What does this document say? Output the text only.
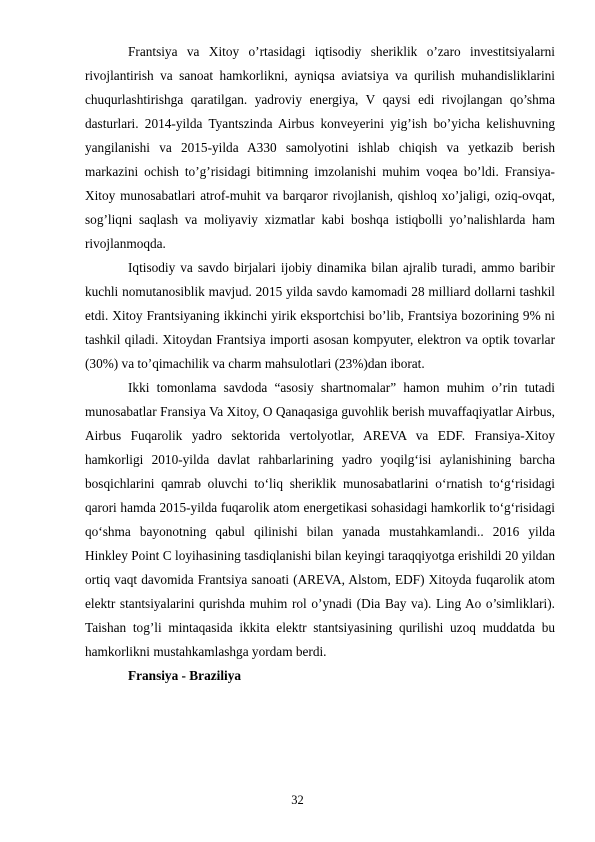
Frantsiya va Xitoy o’rtasidagi iqtisodiy sheriklik o’zaro investitsiyalarni rivojlantirish va sanoat hamkorlikni, ayniqsa aviatsiya va qurilish muhandisliklarini chuqurlashtirishga qaratilgan. yadroviy energiya, V qaysi edi rivojlangan qo’shma dasturlari. 2014-yilda Tyantszinda Airbus konveyerini yig’ish bo’yicha kelishuvning yangilanishi va 2015-yilda A330 samolyotini ishlab chiqish va yetkazib berish markazini ochish to’g’risidagi bitimning imzolanishi muhim voqea bo’ldi. Fransiya-Xitoy munosabatlari atrof-muhit va barqaror rivojlanish, qishloq xo’jaligi, oziq-ovqat, sog’liqni saqlash va moliyaviy xizmatlar kabi boshqa istiqbolli yo’nalishlarda ham rivojlanmoqda.

Iqtisodiy va savdo birjalari ijobiy dinamika bilan ajralib turadi, ammo baribir kuchli nomutanosiblik mavjud. 2015 yilda savdo kamomadi 28 milliard dollarni tashkil etdi. Xitoy Frantsiyaning ikkinchi yirik eksportchisi bo’lib, Frantsiya bozorining 9% ni tashkil qiladi. Xitoydan Frantsiya importi asosan kompyuter, elektron va optik tovarlar (30%) va to’qimachilik va charm mahsulotlari (23%)dan iborat.

Ikki tomonlama savdoda “asosiy shartnomalar” hamon muhim o’rin tutadi munosabatlar Fransiya Va Xitoy, O Qanaqasiga guvohlik berish muvaffaqiyatlar Airbus, Airbus Fuqarolik yadro sektorida vertolyotlar, AREVA va EDF. Fransiya-Xitoy hamkorligi 2010-yilda davlat rahbarlarining yadro yoqilg‘isi aylanishining barcha bosqichlarini qamrab oluvchi to‘liq sheriklik munosabatlarini o‘rnatish to‘g‘risidagi qarori hamda 2015-yilda fuqarolik atom energetikasi sohasidagi hamkorlik to‘g‘risidagi qo‘shma bayonotning qabul qilinishi bilan yanada mustahkamlandi.. 2016 yilda Hinkley Point C loyihasining tasdiqlanishi bilan keyingi taraqqiyotga erishildi 20 yildan ortiq vaqt davomida Frantsiya sanoati (AREVA, Alstom, EDF) Xitoyda fuqarolik atom elektr stantsiyalarini qurishda muhim rol o’ynadi (Dia Bay va). Ling Ao o’simliklari). Taishan tog’li mintaqasida ikkita elektr stantsiyasining qurilishi uzoq muddatda bu hamkorlikni mustahkamlashga yordam berdi.

Fransiya - Braziliya

32
